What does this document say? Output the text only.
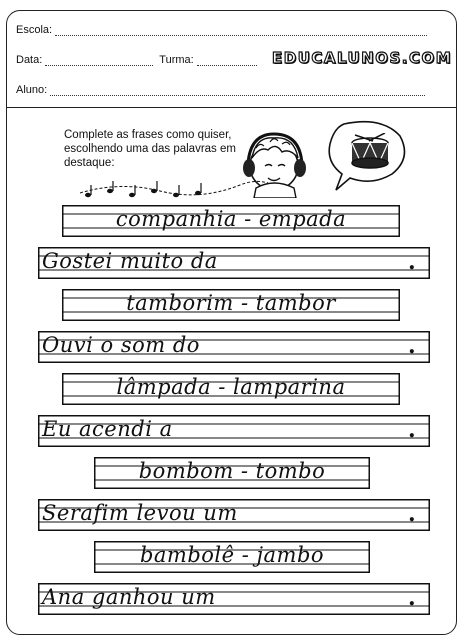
Escola:
Data:	Turma:
Aluno:
EDUCALUNOS.COM
Complete as frases como quiser, escolhendo uma das palavras em destaque:
companhia - empada
Gostei muito da	.
tamborim - tambor
Ouvi o som do	.
lâmpada - lamparina
Eu acendi a	.
bombom - tombo
Serafim levou um	.
bambolê - jambo
Ana ganhou um	.
